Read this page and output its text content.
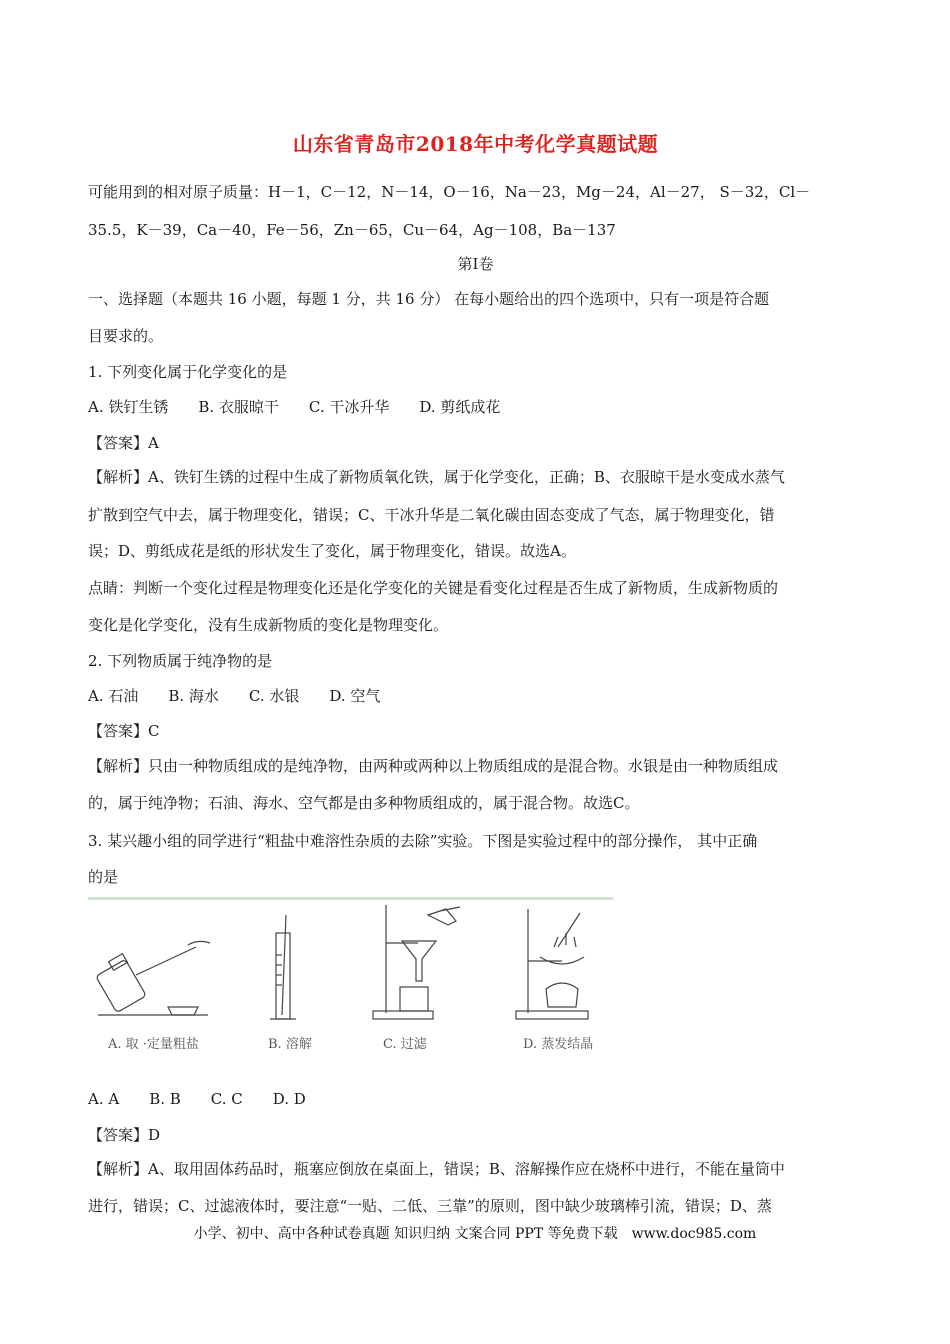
山东省青岛市2018年中考化学真题试题
可能用到的相对原子质量：H－1，C－12，N－14，O－16，Na－23，Mg－24，Al－27， S－32，Cl－
35.5，K－39，Ca－40，Fe－56，Zn－65，Cu－64，Ag－108，Ba－137
第Ⅰ卷
一、选择题（本题共 16 小题，每题 1 分，共 16 分） 在每小题给出的四个选项中，只有一项是符合题
目要求的。
1. 下列变化属于化学变化的是
A. 铁钉生锈　　B. 衣服晾干　　C. 干冰升华　　D. 剪纸成花
【答案】A
【解析】A、铁钉生锈的过程中生成了新物质氧化铁，属于化学变化，正确；B、衣服晾干是水变成水蒸气
扩散到空气中去，属于物理变化，错误；C、干冰升华是二氧化碳由固态变成了气态，属于物理变化，错
误；D、剪纸成花是纸的形状发生了变化，属于物理变化，错误。故选A。
点睛：判断一个变化过程是物理变化还是化学变化的关键是看变化过程是否生成了新物质，生成新物质的
变化是化学变化，没有生成新物质的变化是物理变化。
2. 下列物质属于纯净物的是
A. 石油　　B. 海水　　C. 水银　　D. 空气
【答案】C
【解析】只由一种物质组成的是纯净物，由两种或两种以上物质组成的是混合物。水银是由一种物质组成
的，属于纯净物；石油、海水、空气都是由多种物质组成的，属于混合物。故选C。
3. 某兴趣小组的同学进行“粗盐中难溶性杂质的去除”实验。下图是实验过程中的部分操作， 其中正确
的是
A. 取 ·定量粗盐	B. 溶解	C. 过滤	D. 蒸发结晶
A. A　　B. B　　C. C　　D. D
【答案】D
【解析】A、取用固体药品时，瓶塞应倒放在桌面上，错误；B、溶解操作应在烧杯中进行，不能在量筒中
进行，错误；C、过滤液体时，要注意“一贴、二低、三靠”的原则，图中缺少玻璃棒引流，错误；D、蒸
小学、初中、高中各种试卷真题 知识归纳 文案合同 PPT 等免费下载　www.doc985.com
